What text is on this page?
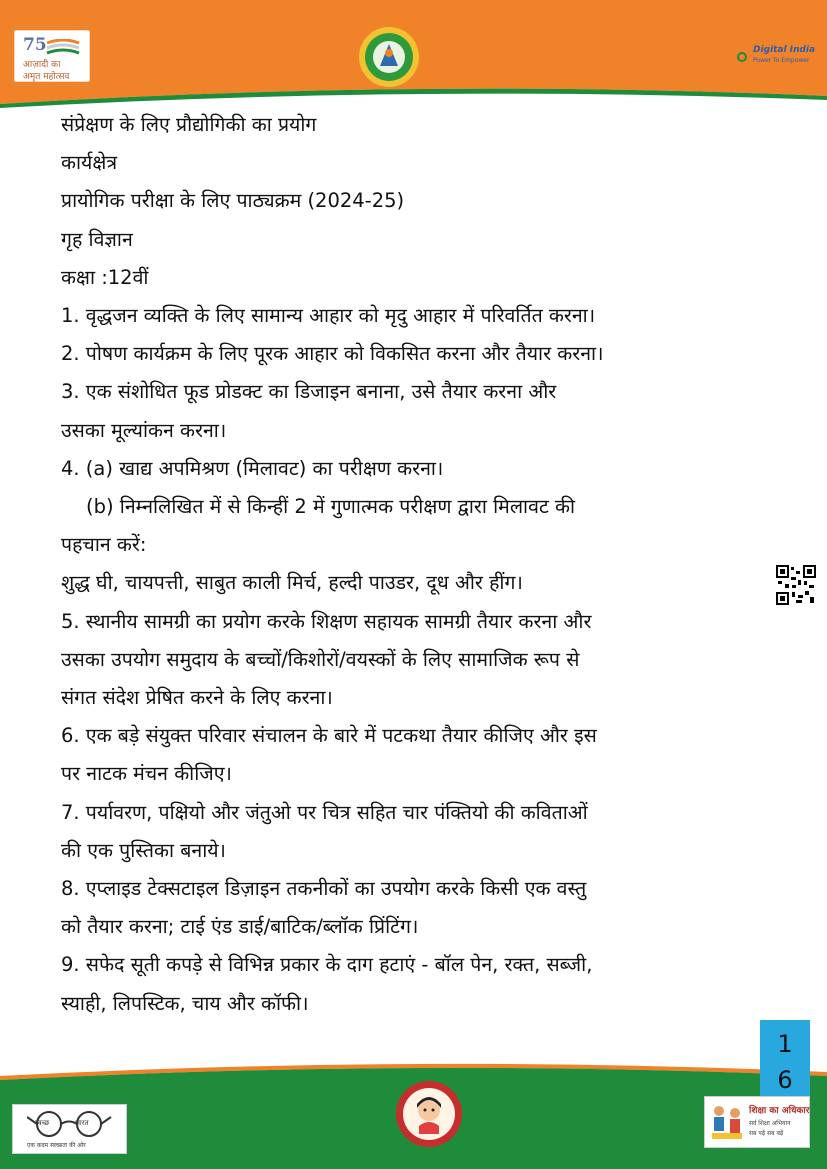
75
आज़ादी का
अमृत महोत्सव
Digital India
Power To Empower
संप्रेक्षण के लिए प्रौद्योगिकी का प्रयोग
कार्यक्षेत्र
प्रायोगिक परीक्षा के लिए पाठ्यक्रम (2024-25)
गृह विज्ञान
कक्षा :12वीं
1. वृद्धजन व्यक्ति के लिए सामान्य आहार को मृदु आहार में परिवर्तित करना।
2. पोषण कार्यक्रम के लिए पूरक आहार को विकसित करना और तैयार करना।
3. एक संशोधित फूड प्रोडक्ट का डिजाइन बनाना, उसे तैयार करना और
उसका मूल्यांकन करना।
4. (a) खाद्य अपमिश्रण (मिलावट) का परीक्षण करना।
(b) निम्नलिखित में से किन्हीं 2 में गुणात्मक परीक्षण द्वारा मिलावट की
पहचान करें:
शुद्ध घी, चायपत्ती, साबुत काली मिर्च, हल्दी पाउडर, दूध और हींग।
5. स्थानीय सामग्री का प्रयोग करके शिक्षण सहायक सामग्री तैयार करना और
उसका उपयोग समुदाय के बच्चों/किशोरों/वयस्कों के लिए सामाजिक रूप से
संगत संदेश प्रेषित करने के लिए करना।
6. एक बड़े संयुक्त परिवार संचालन के बारे में पटकथा तैयार कीजिए और इस
पर नाटक मंचन कीजिए।
7. पर्यावरण, पक्षियो और जंतुओ पर चित्र सहित चार पंक्तियो की कविताओं
की एक पुस्तिका बनाये।
8. एप्लाइड टेक्सटाइल डिज़ाइन तकनीकों का उपयोग करके किसी एक वस्तु
को तैयार करना; टाई एंड डाई/बाटिक/ब्लॉक प्रिंटिंग।
9. सफेद सूती कपड़े से विभिन्न प्रकार के दाग हटाएं - बॉल पेन, रक्त, सब्जी,
स्याही, लिपस्टिक, चाय और कॉफी।
1
6
स्वच्छ	भारत
एक कदम स्वच्छता की ओर
शिक्षा का अधिकार
सर्व शिक्षा अभियान
सब पढ़ें सब बढ़ें
